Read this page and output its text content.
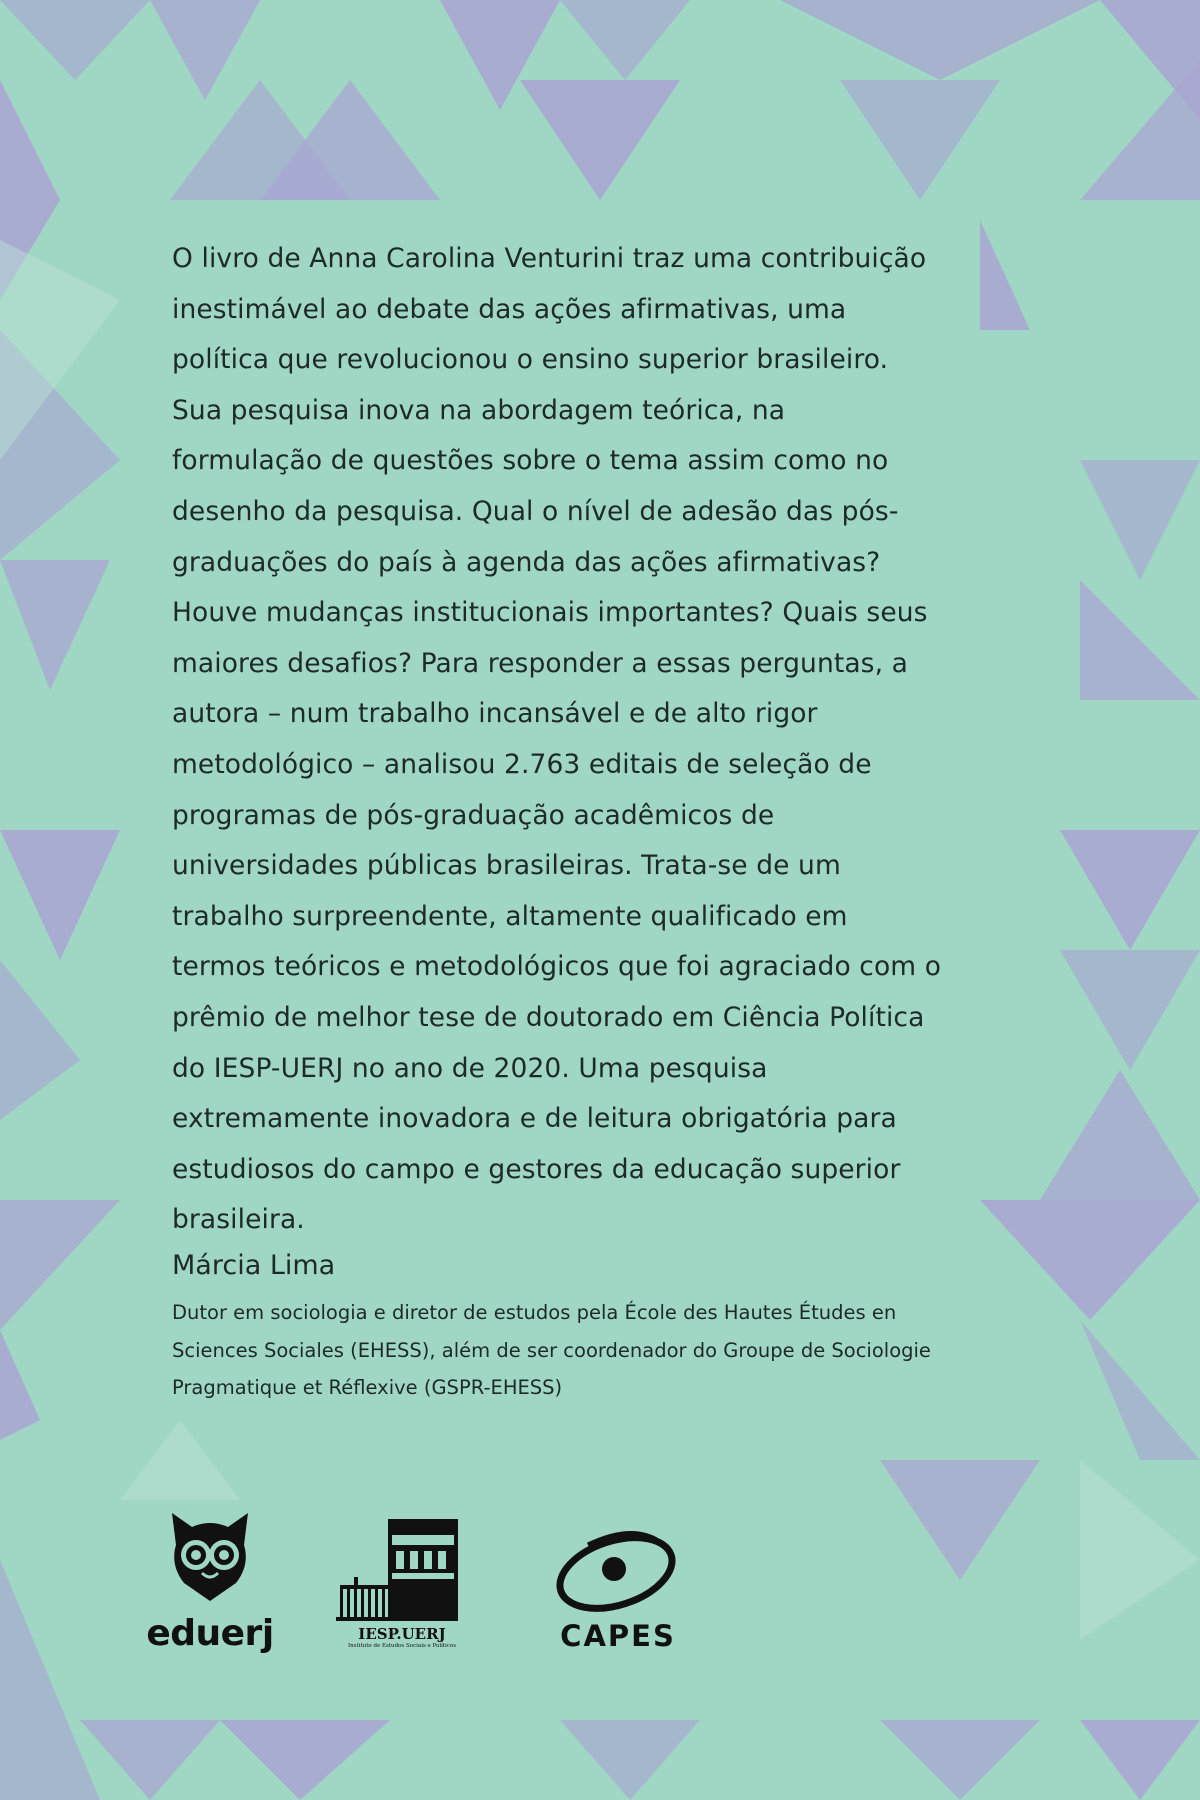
O livro de Anna Carolina Venturini traz uma contribuição inestimável ao debate das ações afirmativas, uma política que revolucionou o ensino superior brasileiro.

Sua pesquisa inova na abordagem teórica, na formulação de questões sobre o tema assim como no desenho da pesquisa. Qual o nível de adesão das pós-graduações do país à agenda das ações afirmativas? Houve mudanças institucionais importantes? Quais seus maiores desafios? Para responder a essas perguntas, a autora – num trabalho incansável e de alto rigor metodológico – analisou 2.763 editais de seleção de programas de pós-graduação acadêmicos de universidades públicas brasileiras. Trata-se de um trabalho surpreendente, altamente qualificado em termos teóricos e metodológicos que foi agraciado com o prêmio de melhor tese de doutorado em Ciência Política do IESP-UERJ no ano de 2020. Uma pesquisa extremamente inovadora e de leitura obrigatória para estudiosos do campo e gestores da educação superior brasileira.

Márcia Lima
Dutor em sociologia e diretor de estudos pela École des Hautes Études en Sciences Sociales (EHESS), além de ser coordenador do Groupe de Sociologie Pragmatique et Réflexive (GSPR-EHESS)
eduerj	IESP.UERJ
Instituto de Estudos Sociais e Políticos	CAPES
